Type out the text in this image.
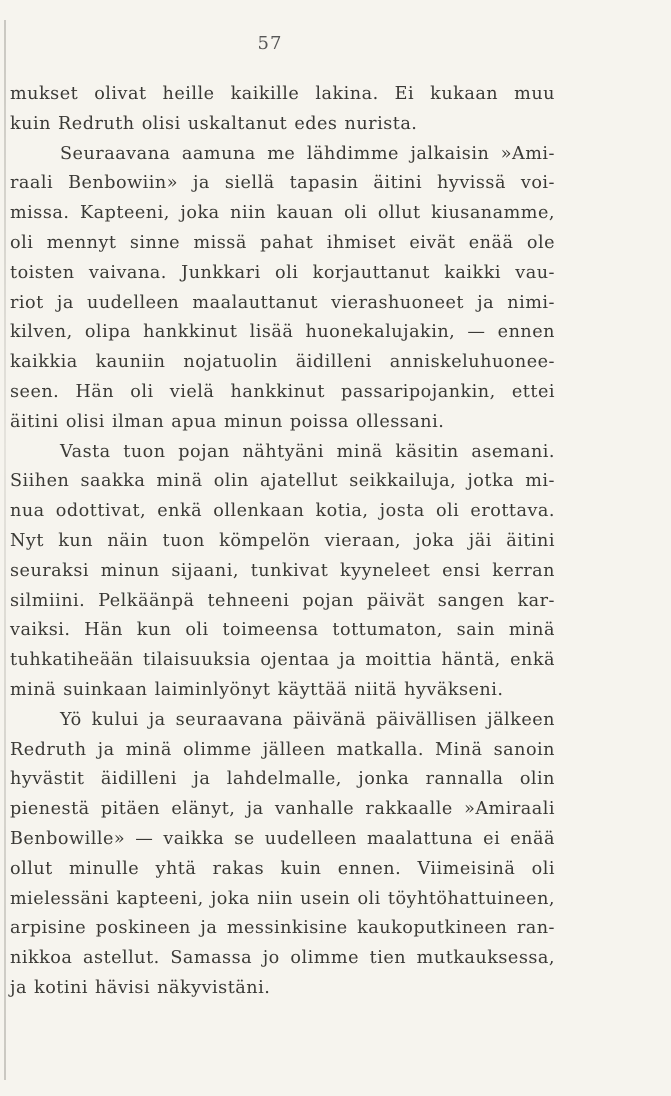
57
mukset olivat heille kaikille lakina. Ei kukaan muu
kuin Redruth olisi uskaltanut edes nurista.
Seuraavana aamuna me lähdimme jalkaisin »Ami-
raali Benbowiin» ja siellä tapasin äitini hyvissä voi-
missa. Kapteeni, joka niin kauan oli ollut kiusanamme,
oli mennyt sinne missä pahat ihmiset eivät enää ole
toisten vaivana. Junkkari oli korjauttanut kaikki vau-
riot ja uudelleen maalauttanut vierashuoneet ja nimi-
kilven, olipa hankkinut lisää huonekalujakin, — ennen
kaikkia kauniin nojatuolin äidilleni anniskeluhuonee-
seen. Hän oli vielä hankkinut passaripojankin, ettei
äitini olisi ilman apua minun poissa ollessani.
Vasta tuon pojan nähtyäni minä käsitin asemani.
Siihen saakka minä olin ajatellut seikkailuja, jotka mi-
nua odottivat, enkä ollenkaan kotia, josta oli erottava.
Nyt kun näin tuon kömpelön vieraan, joka jäi äitini
seuraksi minun sijaani, tunkivat kyyneleet ensi kerran
silmiini. Pelkäänpä tehneeni pojan päivät sangen kar-
vaiksi. Hän kun oli toimeensa tottumaton, sain minä
tuhkatiheään tilaisuuksia ojentaa ja moittia häntä, enkä
minä suinkaan laiminlyönyt käyttää niitä hyväkseni.
Yö kului ja seuraavana päivänä päivällisen jälkeen
Redruth ja minä olimme jälleen matkalla. Minä sanoin
hyvästit äidilleni ja lahdelmalle, jonka rannalla olin
pienestä pitäen elänyt, ja vanhalle rakkaalle »Amiraali
Benbowille» — vaikka se uudelleen maalattuna ei enää
ollut minulle yhtä rakas kuin ennen. Viimeisinä oli
mielessäni kapteeni, joka niin usein oli töyhtöhattuineen,
arpisine poskineen ja messinkisine kaukoputkineen ran-
nikkoa astellut. Samassa jo olimme tien mutkauksessa,
ja kotini hävisi näkyvistäni.
